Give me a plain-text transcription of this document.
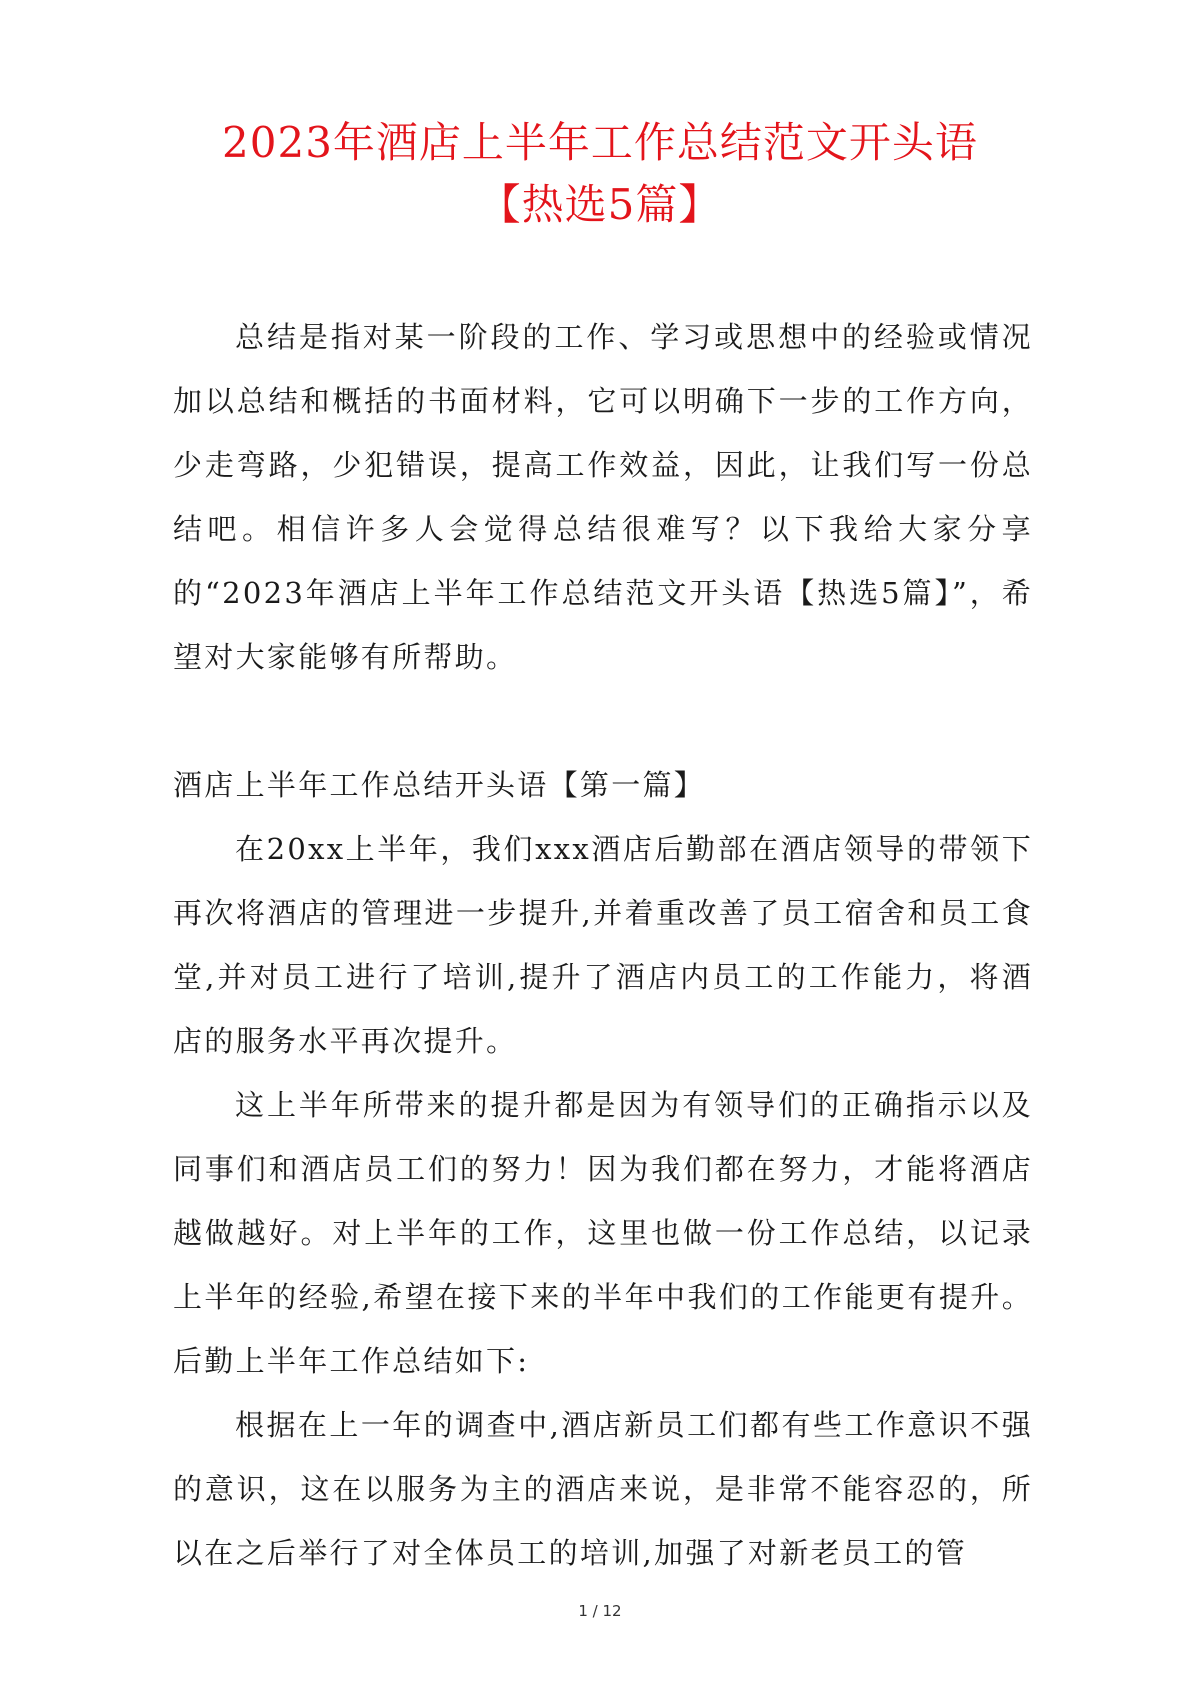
2023年酒店上半年工作总结范文开头语
【热选5篇】

总结是指对某一阶段的工作、学习或思想中的经验或情况加以总结和概括的书面材料，它可以明确下一步的工作方向，少走弯路，少犯错误，提高工作效益，因此，让我们写一份总结吧。相信许多人会觉得总结很难写？以下我给大家分享的“2023年酒店上半年工作总结范文开头语【热选5篇】”，希望对大家能够有所帮助。

酒店上半年工作总结开头语【第一篇】

在20xx上半年，我们xxx酒店后勤部在酒店领导的带领下再次将酒店的管理进一步提升,并着重改善了员工宿舍和员工食堂,并对员工进行了培训,提升了酒店内员工的工作能力，将酒店的服务水平再次提升。

这上半年所带来的提升都是因为有领导们的正确指示以及同事们和酒店员工们的努力！因为我们都在努力，才能将酒店越做越好。对上半年的工作，这里也做一份工作总结，以记录上半年的经验,希望在接下来的半年中我们的工作能更有提升。后勤上半年工作总结如下:

根据在上一年的调查中,酒店新员工们都有些工作意识不强的意识，这在以服务为主的酒店来说，是非常不能容忍的，所以在之后举行了对全体员工的培训,加强了对新老员工的管

1 / 12
